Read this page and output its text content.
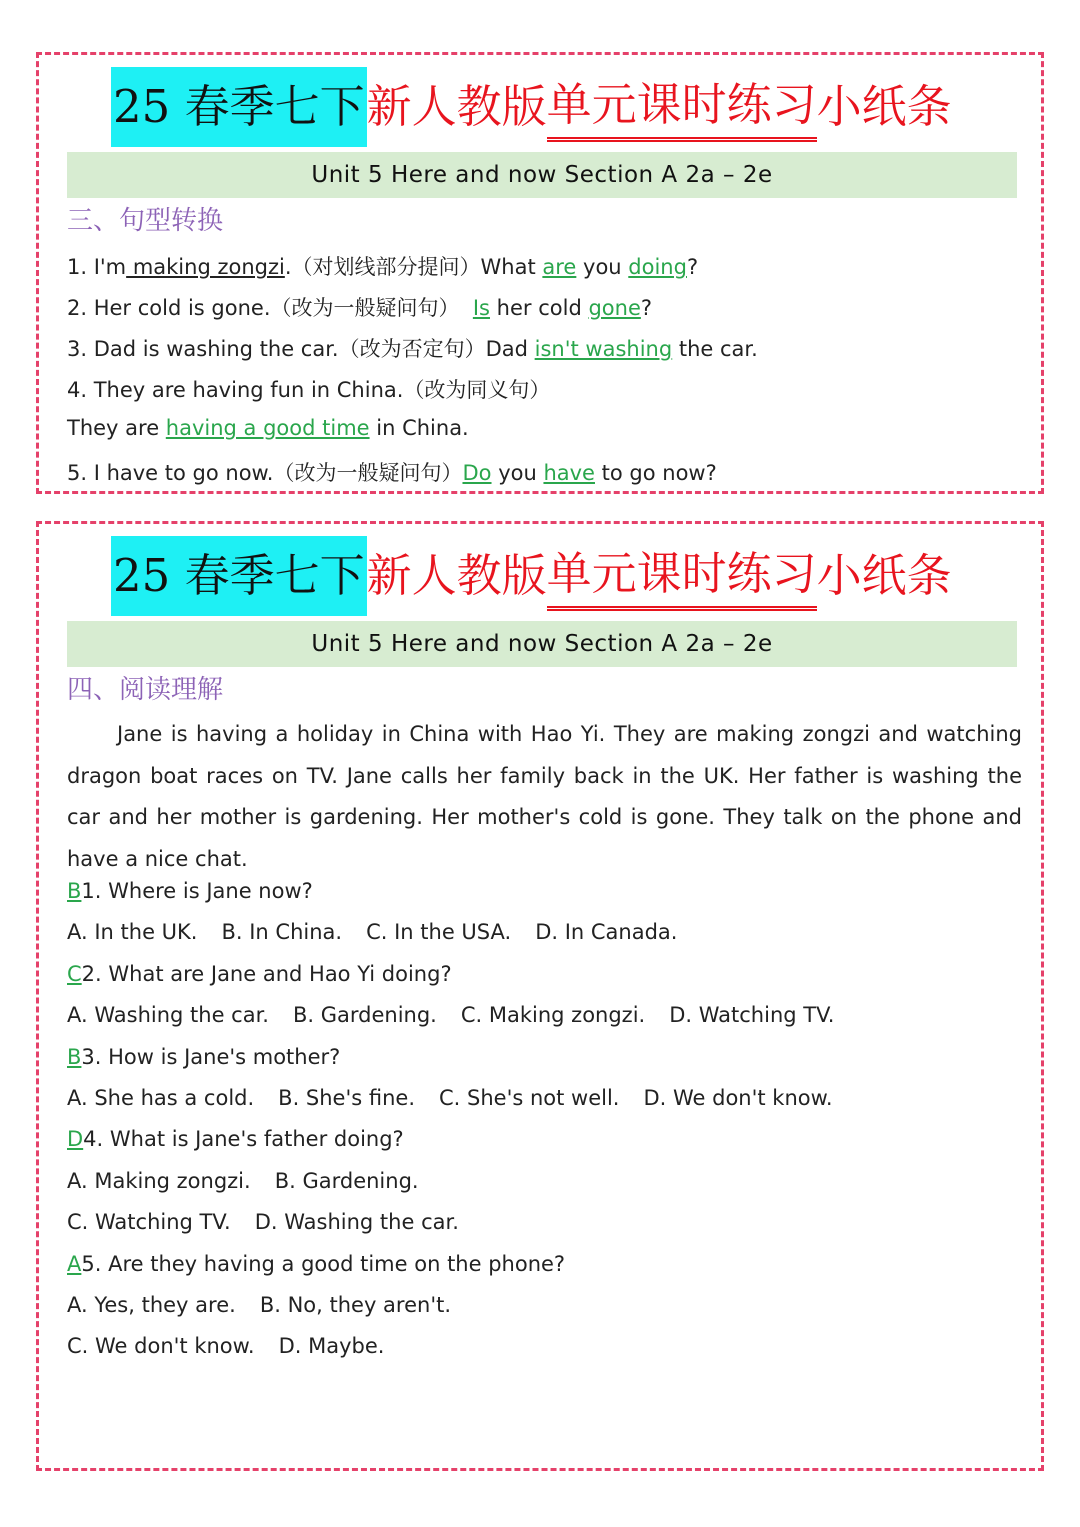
25 春季七下 新人教版 单元课时练习 小纸条
Unit 5 Here and now Section A 2a – 2e
三、句型转换
1. I'm making zongzi.（对划线部分提问）What are you doing?
2. Her cold is gone.（改为一般疑问句） Is her cold gone?
3. Dad is washing the car.（改为否定句）Dad isn't washing the car.
4. They are having fun in China.（改为同义句）
They are having a good time in China.
5. I have to go now.（改为一般疑问句）Do you have to go now?
25 春季七下 新人教版 单元课时练习 小纸条
Unit 5 Here and now Section A 2a – 2e
四、阅读理解

Jane is having a holiday in China with Hao Yi. They are making zongzi and watching dragon boat races on TV. Jane calls her family back in the UK. Her father is washing the car and her mother is gardening. Her mother's cold is gone. They talk on the phone and have a nice chat.

B1. Where is Jane now?
A. In the UK. B. In China. C. In the USA. D. In Canada.
C2. What are Jane and Hao Yi doing?
A. Washing the car. B. Gardening. C. Making zongzi. D. Watching TV.
B3. How is Jane's mother?
A. She has a cold. B. She's fine. C. She's not well. D. We don't know.
D4. What is Jane's father doing?
A. Making zongzi. B. Gardening.
C. Watching TV. D. Washing the car.
A5. Are they having a good time on the phone?
A. Yes, they are. B. No, they aren't.
C. We don't know. D. Maybe.
